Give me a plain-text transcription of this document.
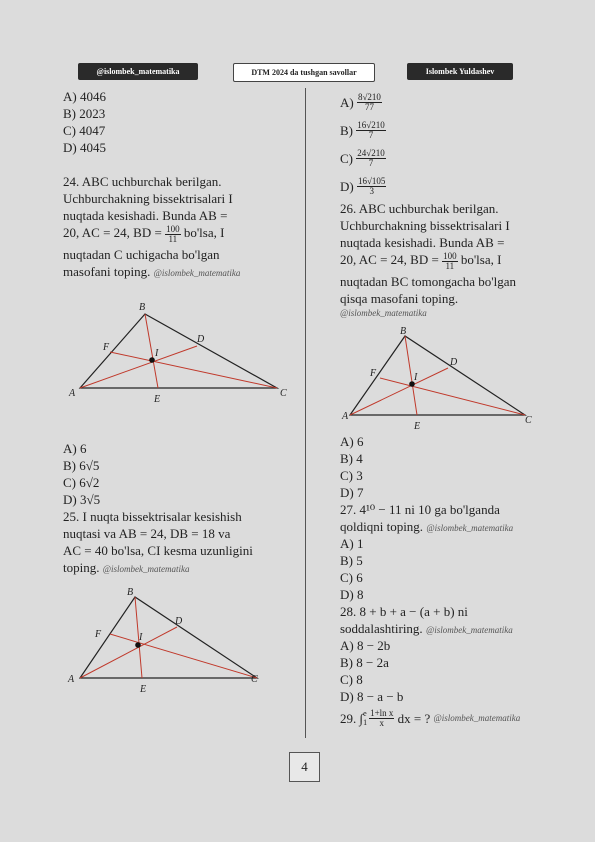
@islombek_matematika	DTM 2024 da tushgan savollar	Islombek Yuldashev
A) 4046
B) 2023
C) 4047
D) 4045
24. ABC uchburchak berilgan.
Uchburchakning bissektrisalari I
nuqtada kesishadi. Bunda AB =
20, AC = 24, BD = $\frac{100}{11} bo'lsa$, I
nuqtadan C uchigacha bo'lgan
masofani toping. @islombek_matematika
A
B
C
D
E
F
I
A) 6
B) 6√5
C) 6√2
D) 3√5
25. I nuqta bissektrisalar kesishish
nuqtasi va AB = 24, DB = 18 va
AC = 40 bo'lsa, CI kesma uzunligini
toping. @islombek_matematika
A
B
C
D
E
F	I
A)
$\frac{8√210}{77}$
B)
$\frac{16√210}{7}$
C)
$\frac{24√210}{7}$
D)
$\frac{16√105}{3}$
26. ABC uchburchak berilgan.
Uchburchakning bissektrisalari I
nuqtada kesishadi. Bunda AB =
20, AC = 24, BD = $\frac{100}{11} bo'lsa$, I
nuqtadan BC tomongacha bo'lgan
qisqa masofani toping.
@islombek_matematika
A
B
C
D
E
F	I
A) 6
B) 4
C) 3
D) 7
27. 4¹⁰ − 11 ni 10 ga bo'lganda
qoldiqni toping. @islombek_matematika
A) 1
B) 5
C) 6
D) 8
28. 8 + b + a − (a + b) ni
soddalashtiring. @islombek_matematika
A) 8 − 2b
B) 8 − 2a
C) 8
D) 8 − a − b
29. ∫ e
$1 \frac{\text{1+ln x}}{x}$
dx = ?
@islombek_matematika
4
